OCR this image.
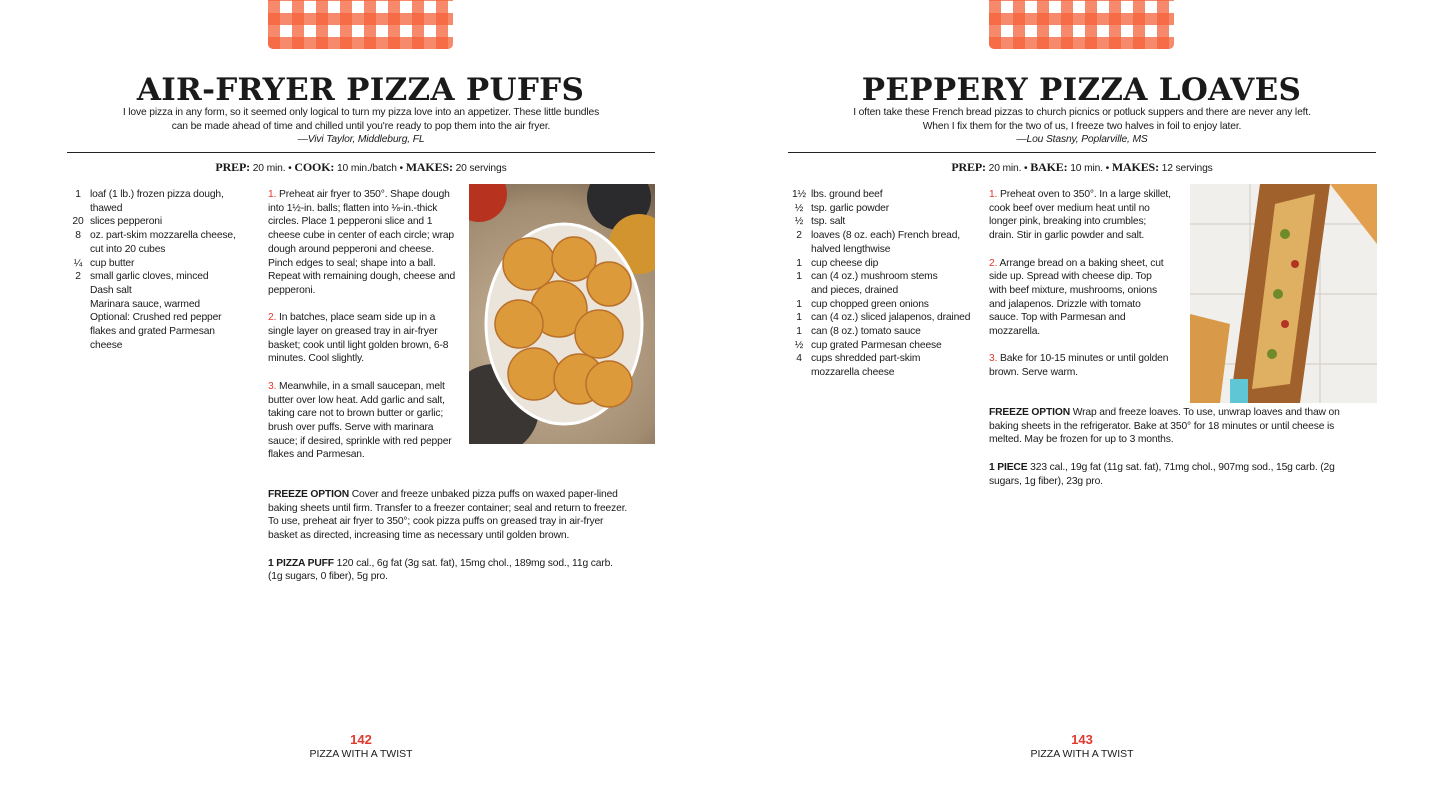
AIR-FRYER PIZZA PUFFS
I love pizza in any form, so it seemed only logical to turn my pizza love into an appetizer. These little bundles
can be made ahead of time and chilled until you're ready to pop them into the air fryer.
—Vivi Taylor, Middleburg, FL
PREP: 20 min. • COOK: 10 min./batch • MAKES: 20 servings
1 loaf (1 lb.) frozen pizza dough,
thawed
20 slices pepperoni
8 oz. part-skim mozzarella cheese,
cut into 20 cubes
¼ cup butter
2 small garlic cloves, minced
Dash salt
Marinara sauce, warmed
Optional: Crushed red pepper
flakes and grated Parmesan
cheese

1. Preheat air fryer to 350°. Shape dough into 1½-in. balls; flatten into ⅛-in.-thick circles. Place 1 pepperoni slice and 1 cheese cube in center of each circle; wrap dough around pepperoni and cheese. Pinch edges to seal; shape into a ball. Repeat with remaining dough, cheese and pepperoni.

2. In batches, place seam side up in a single layer on greased tray in air-fryer basket; cook until light golden brown, 6-8 minutes. Cool slightly.

3. Meanwhile, in a small saucepan, melt butter over low heat. Add garlic and salt, taking care not to brown butter or garlic; brush over puffs. Serve with marinara sauce; if desired, sprinkle with red pepper flakes and Parmesan.

FREEZE OPTION Cover and freeze unbaked pizza puffs on waxed paper-lined baking sheets until firm. Transfer to a freezer container; seal and return to freezer. To use, preheat air fryer to 350°; cook pizza puffs on greased tray in air-fryer basket as directed, increasing time as necessary until golden brown.

1 PIZZA PUFF 120 cal., 6g fat (3g sat. fat), 15mg chol., 189mg sod., 11g carb. (1g sugars, 0 fiber), 5g pro.

142
PIZZA WITH A TWIST
PEPPERY PIZZA LOAVES
I often take these French bread pizzas to church picnics or potluck suppers and there are never any left.
When I fix them for the two of us, I freeze two halves in foil to enjoy later.
—Lou Stasny, Poplarville, MS
PREP: 20 min. • BAKE: 10 min. • MAKES: 12 servings
1½ lbs. ground beef
½ tsp. garlic powder
½ tsp. salt
2 loaves (8 oz. each) French bread,
halved lengthwise
1 cup cheese dip
1 can (4 oz.) mushroom stems
and pieces, drained
1 cup chopped green onions
1 can (4 oz.) sliced jalapenos, drained
1 can (8 oz.) tomato sauce
½ cup grated Parmesan cheese
4 cups shredded part-skim
mozzarella cheese

1. Preheat oven to 350°. In a large skillet, cook beef over medium heat until no longer pink, breaking into crumbles; drain. Stir in garlic powder and salt.

2. Arrange bread on a baking sheet, cut side up. Spread with cheese dip. Top with beef mixture, mushrooms, onions and jalapenos. Drizzle with tomato sauce. Top with Parmesan and mozzarella.

3. Bake for 10-15 minutes or until golden brown. Serve warm.

FREEZE OPTION Wrap and freeze loaves. To use, unwrap loaves and thaw on baking sheets in the refrigerator. Bake at 350° for 18 minutes or until cheese is melted. May be frozen for up to 3 months.

1 PIECE 323 cal., 19g fat (11g sat. fat), 71mg chol., 907mg sod., 15g carb. (2g sugars, 1g fiber), 23g pro.

143
PIZZA WITH A TWIST
